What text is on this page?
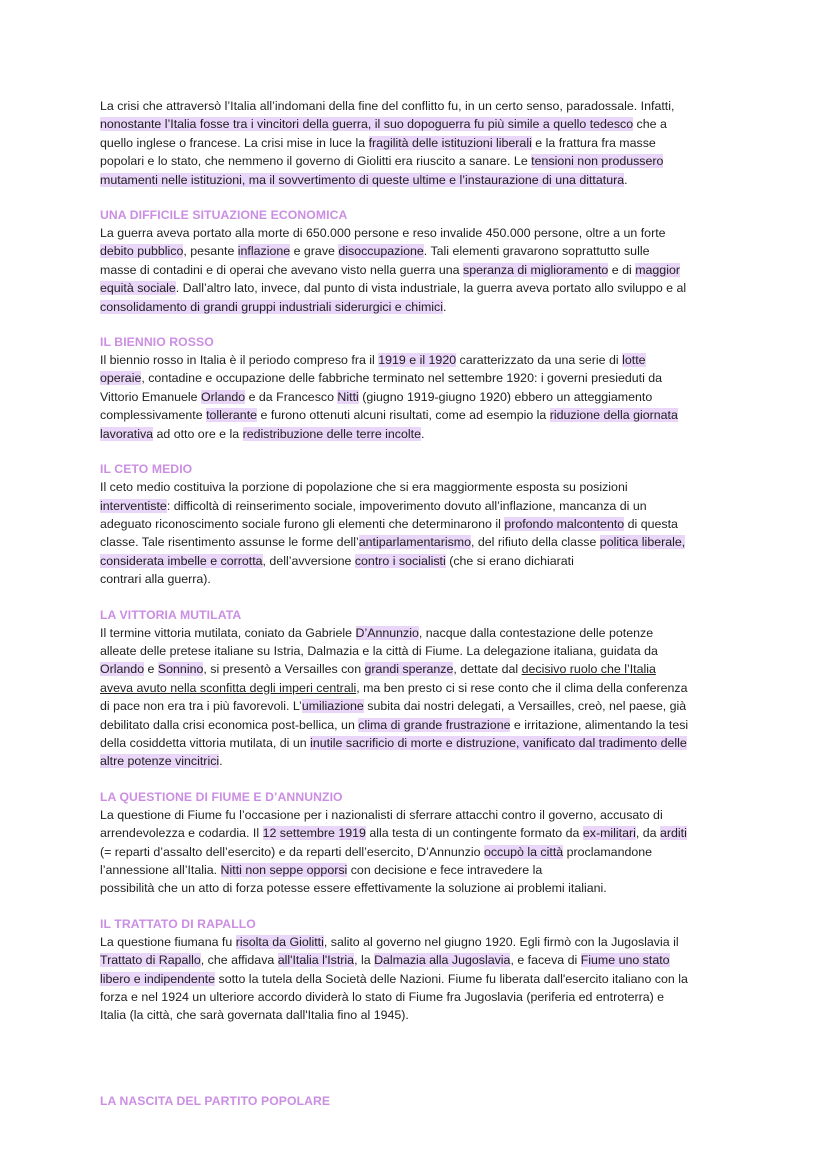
La crisi che attraversò l’Italia all’indomani della fine del conflitto fu, in un certo senso, paradossale. Infatti,
nonostante l’Italia fosse tra i vincitori della guerra, il suo dopoguerra fu più simile a quello tedesco che a
quello inglese o francese. La crisi mise in luce la fragilità delle istituzioni liberali e la frattura fra masse
popolari e lo stato, che nemmeno il governo di Giolitti era riuscito a sanare. Le tensioni non produssero
mutamenti nelle istituzioni, ma il sovvertimento di queste ultime e l’instaurazione di una dittatura.

UNA DIFFICILE SITUAZIONE ECONOMICA

La guerra aveva portato alla morte di 650.000 persone e reso invalide 450.000 persone, oltre a un forte
debito pubblico, pesante inflazione e grave disoccupazione. Tali elementi gravarono soprattutto sulle
masse di contadini e di operai che avevano visto nella guerra una speranza di miglioramento e di maggior
equità sociale. Dall’altro lato, invece, dal punto di vista industriale, la guerra aveva portato allo sviluppo e al
consolidamento di grandi gruppi industriali siderurgici e chimici.

IL BIENNIO ROSSO

Il biennio rosso in Italia è il periodo compreso fra il 1919 e il 1920 caratterizzato da una serie di lotte
operaie, contadine e occupazione delle fabbriche terminato nel settembre 1920: i governi presieduti da
Vittorio Emanuele Orlando e da Francesco Nitti (giugno 1919-giugno 1920) ebbero un atteggiamento
complessivamente tollerante e furono ottenuti alcuni risultati, come ad esempio la riduzione della giornata
lavorativa ad otto ore e la redistribuzione delle terre incolte.

IL CETO MEDIO

Il ceto medio costituiva la porzione di popolazione che si era maggiormente esposta su posizioni
interventiste: difficoltà di reinserimento sociale, impoverimento dovuto all’inflazione, mancanza di un
adeguato riconoscimento sociale furono gli elementi che determinarono il profondo malcontento di questa
classe. Tale risentimento assunse le forme dell’antiparlamentarismo, del rifiuto della classe politica liberale,
considerata imbelle e corrotta, dell’avversione contro i socialisti (che si erano dichiarati
contrari alla guerra).

LA VITTORIA MUTILATA

Il termine vittoria mutilata, coniato da Gabriele D’Annunzio, nacque dalla contestazione delle potenze
alleate delle pretese italiane su Istria, Dalmazia e la città di Fiume. La delegazione italiana, guidata da
Orlando e Sonnino, si presentò a Versailles con grandi speranze, dettate dal decisivo ruolo che l’Italia
aveva avuto nella sconfitta degli imperi centrali, ma ben presto ci si rese conto che il clima della conferenza
di pace non era tra i più favorevoli. L’umiliazione subita dai nostri delegati, a Versailles, creò, nel paese, già
debilitato dalla crisi economica post-bellica, un clima di grande frustrazione e irritazione, alimentando la tesi
della cosiddetta vittoria mutilata, di un inutile sacrificio di morte e distruzione, vanificato dal tradimento delle
altre potenze vincitrici.

LA QUESTIONE DI FIUME E D’ANNUNZIO

La questione di Fiume fu l’occasione per i nazionalisti di sferrare attacchi contro il governo, accusato di
arrendevolezza e codardia. Il 12 settembre 1919 alla testa di un contingente formato da ex-militari, da arditi
(= reparti d’assalto dell’esercito) e da reparti dell’esercito, D’Annunzio occupò la città proclamandone
l’annessione all’Italia. Nitti non seppe opporsi con decisione e fece intravedere la
possibilità che un atto di forza potesse essere effettivamente la soluzione ai problemi italiani.

IL TRATTATO DI RAPALLO

La questione fiumana fu risolta da Giolitti, salito al governo nel giugno 1920. Egli firmò con la Jugoslavia il
Trattato di Rapallo, che affidava all'Italia l'Istria, la Dalmazia alla Jugoslavia, e faceva di Fiume uno stato
libero e indipendente sotto la tutela della Società delle Nazioni. Fiume fu liberata dall'esercito italiano con la
forza e nel 1924 un ulteriore accordo dividerà lo stato di Fiume fra Jugoslavia (periferia ed entroterra) e
Italia (la città, che sarà governata dall'Italia fino al 1945).

LA NASCITA DEL PARTITO POPOLARE
